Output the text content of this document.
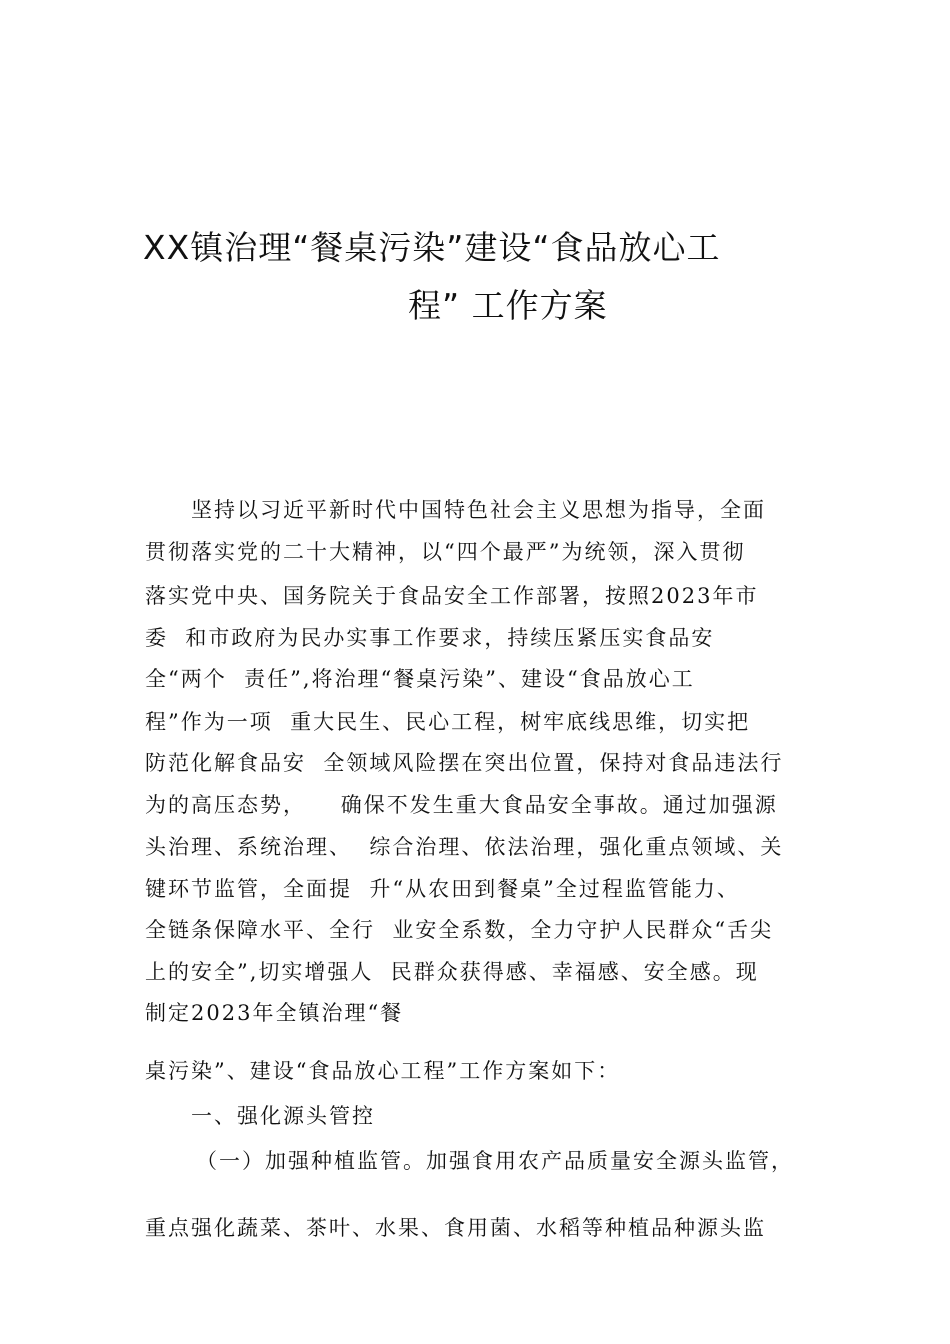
XX镇治理“餐桌污染”建设“食品放心工
程” 工作方案
坚持以习近平新时代中国特色社会主义思想为指导，全面
贯彻落实党的二十大精神，以“四个最严”为统领，深入贯彻
落实党中央、国务院关于食品安全工作部署，按照2023年市
委  和市政府为民办实事工作要求，持续压紧压实食品安
全“两个  责任”,将治理“餐桌污染”、建设“食品放心工
程”作为一项  重大民生、民心工程，树牢底线思维，切实把
防范化解食品安  全领域风险摆在突出位置，保持对食品违法行
为的高压态势，    确保不发生重大食品安全事故。通过加强源
头治理、系统治理、  综合治理、依法治理，强化重点领域、关
键环节监管，全面提  升“从农田到餐桌”全过程监管能力、
全链条保障水平、全行  业安全系数，全力守护人民群众“舌尖
上的安全”,切实增强人  民群众获得感、幸福感、安全感。现
制定2023年全镇治理“餐
桌污染”、建设“食品放心工程”工作方案如下：
一、强化源头管控
（一）加强种植监管。加强食用农产品质量安全源头监管，
重点强化蔬菜、茶叶、水果、食用菌、水稻等种植品种源头监
